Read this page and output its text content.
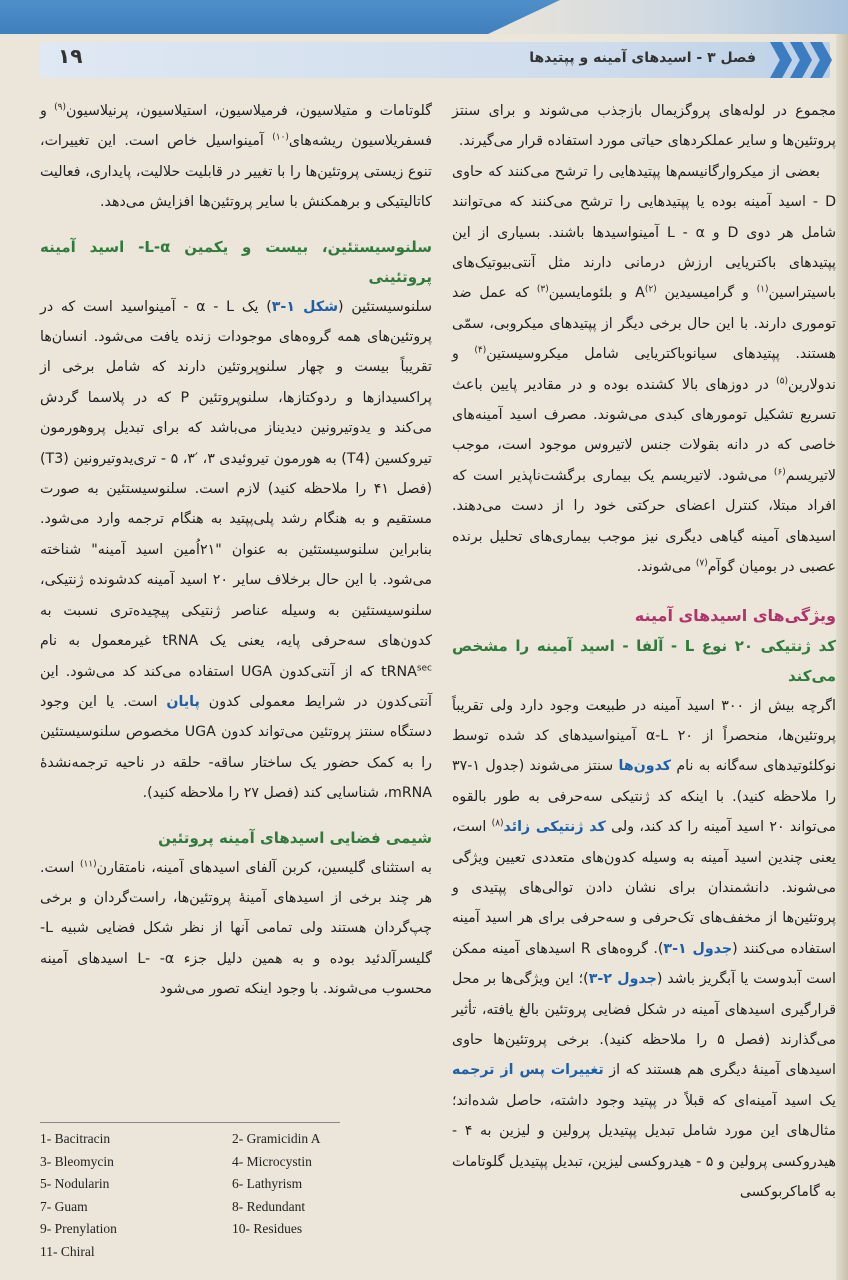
۱۹	فصل ۳ - اسیدهای آمینه و پپتیدها

مجموع در لوله‌های پروگزیمال بازجذب می‌شوند و برای سنتز پروتئین‌ها و سایر عملکردهای حیاتی مورد استفاده قرار می‌گیرند.

بعضی از میکروارگانیسم‌ها پپتیدهایی را ترشح می‌کنند که حاوی D - اسید آمینه بوده یا پپتیدهایی را ترشح می‌کنند که می‌توانند شامل هر دوی D و L - α آمینواسیدها باشند. بسیاری از این پپتیدهای باکتریایی ارزش درمانی دارند مثل آنتی‌بیوتیک‌های باسیتراسین$^{(۱)}$ و گرامیسیدین $A^{(۲)}$ و بلئومایسین$^{(۳)}$ که عمل ضد توموری دارند. با این حال برخی دیگر از پپتیدهای میکروبی، سمّی هستند. پپتیدهای سیانوباکتریایی شامل میکروسیستین$^{(۴)}$ و ندولارین$^{(۵)}$ در دوزهای بالا کشنده بوده و در مقادیر پایین باعث تسریع تشکیل تومورهای کبدی می‌شوند. مصرف اسید آمینه‌های خاصی که در دانه بقولات جنس لاتیروس موجود است، موجب لاتیریسم$^{(۶)}$ می‌شود. لاتیریسم یک بیماری برگشت‌ناپذیر است که افراد مبتلا، کنترل اعضای حرکتی خود را از دست می‌دهند. اسیدهای آمینه گیاهی دیگری نیز موجب بیماری‌های تحلیل برنده عصبی در بومیان گوآم$^{(۷)}$ می‌شوند.

ویژگی‌های اسیدهای آمینه
کد ژنتیکی ۲۰ نوع L - آلفا - اسید آمینه را مشخص می‌کند

اگرچه بیش از ۳۰۰ اسید آمینه در طبیعت وجود دارد ولی تقریباً پروتئین‌ها، منحصراً از ۲۰ α-L آمینواسیدهای کد شده توسط نوکلئوتیدهای سه‌گانه به نام کدون‌ها سنتز می‌شوند (جدول ۱-۳۷ را ملاحظه کنید). با اینکه کد ژنتیکی سه‌حرفی به طور بالقوه می‌تواند ۲۰ اسید آمینه را کد کند، ولی کد ژنتیکی زائد$^{(۸)}$ است، یعنی چندین اسید آمینه به وسیله کدون‌های متعددی تعیین ویژگی می‌شوند. دانشمندان برای نشان دادن توالی‌های پپتیدی و پروتئین‌ها از مخفف‌های تک‌حرفی و سه‌حرفی برای هر اسید آمینه استفاده می‌کنند (جدول ۱-۳). گروه‌های R اسیدهای آمینه ممکن است آبدوست یا آبگریز باشد (جدول ۲-۳)؛ این ویژگی‌ها بر محل قرارگیری اسیدهای آمینه در شکل فضایی پروتئین بالغ یافته، تأثیر می‌گذارند (فصل ۵ را ملاحظه کنید). برخی پروتئین‌ها حاوی اسیدهای آمینهٔ دیگری هم هستند که از تغییرات پس از ترجمه یک اسید آمینه‌ای که قبلاً در پپتید وجود داشته، حاصل شده‌اند؛ مثال‌های این مورد شامل تبدیل پپتیدیل پرولین و لیزین به ۴ - هیدروکسی پرولین و ۵ - هیدروکسی لیزین، تبدیل پپتیدیل گلوتامات به گاماکربوکسی

گلوتامات و متیلاسیون، فرمیلاسیون، استیلاسیون، پرنیلاسیون$^{(۹)}$ و فسفریلاسیون ریشه‌های$^{(۱۰)}$ آمینواسیل خاص است. این تغییرات، تنوع زیستی پروتئین‌ها را با تغییر در قابلیت حلالیت، پایداری، فعالیت کاتالیتیکی و برهمکنش با سایر پروتئین‌ها افزایش می‌دهد.

سلنوسیستئین، بیست و یکمین L-α- اسید آمینه پروتئینی

سلنوسیستئین (شکل ۱-۳) یک α - L - آمینواسید است که در پروتئین‌های همه گروه‌های موجودات زنده یافت می‌شود. انسان‌ها تقریباً بیست و چهار سلنوپروتئین دارند که شامل برخی از پراکسیدازها و ردوکتازها، سلنوپروتئین P که در پلاسما گردش می‌کند و یدوتیرونین دیدیناز می‌باشد که برای تبدیل پروهورمون تیروکسین (T4) به هورمون تیروئیدی ۳، ′۳، ۵ - تری‌یدوتیرونین (T3) (فصل ۴۱ را ملاحظه کنید) لازم است. سلنوسیستئین به صورت مستقیم و به هنگام رشد پلی‌پپتید به هنگام ترجمه وارد می‌شود. بنابراین سلنوسیستئین به عنوان "۲۱اُمین اسید آمینه" شناخته می‌شود. با این حال برخلاف سایر ۲۰ اسید آمینه کدشونده ژنتیکی، سلنوسیستئین به وسیله عناصر ژنتیکی پیچیده‌تری نسبت به کدون‌های سه‌حرفی پایه، یعنی یک tRNA غیرمعمول به نام tRNA$^{sec}$ که از آنتی‌کدون UGA استفاده می‌کند کد می‌شود. این آنتی‌کدون در شرایط معمولی کدون پایان است. یا این وجود دستگاه سنتز پروتئین می‌تواند کدون UGA مخصوص سلنوسیستئین را به کمک حضور یک ساختار ساقه- حلقه در ناحیه ترجمه‌نشدهٔ mRNA، شناسایی کند (فصل ۲۷ را ملاحظه کنید).

شیمی فضایی اسیدهای آمینه پروتئین

به استثنای گلیسین، کربن آلفای اسیدهای آمینه، نامتقارن$^{(۱۱)}$ است. هر چند برخی از اسیدهای آمینهٔ پروتئین‌ها، راست‌گردان و برخی چپ‌گردان هستند ولی تمامی آنها از نظر شکل فضایی شبیه L- گلیسرآلدئید بوده و به همین دلیل جزء L- -α اسیدهای آمینه محسوب می‌شوند. با وجود اینکه تصور می‌شود

1- Bacitracin	2- Gramicidin A
3- Bleomycin	4- Microcystin
5- Nodularin	6- Lathyrism
7- Guam	8- Redundant
9- Prenylation	10- Residues
11- Chiral
